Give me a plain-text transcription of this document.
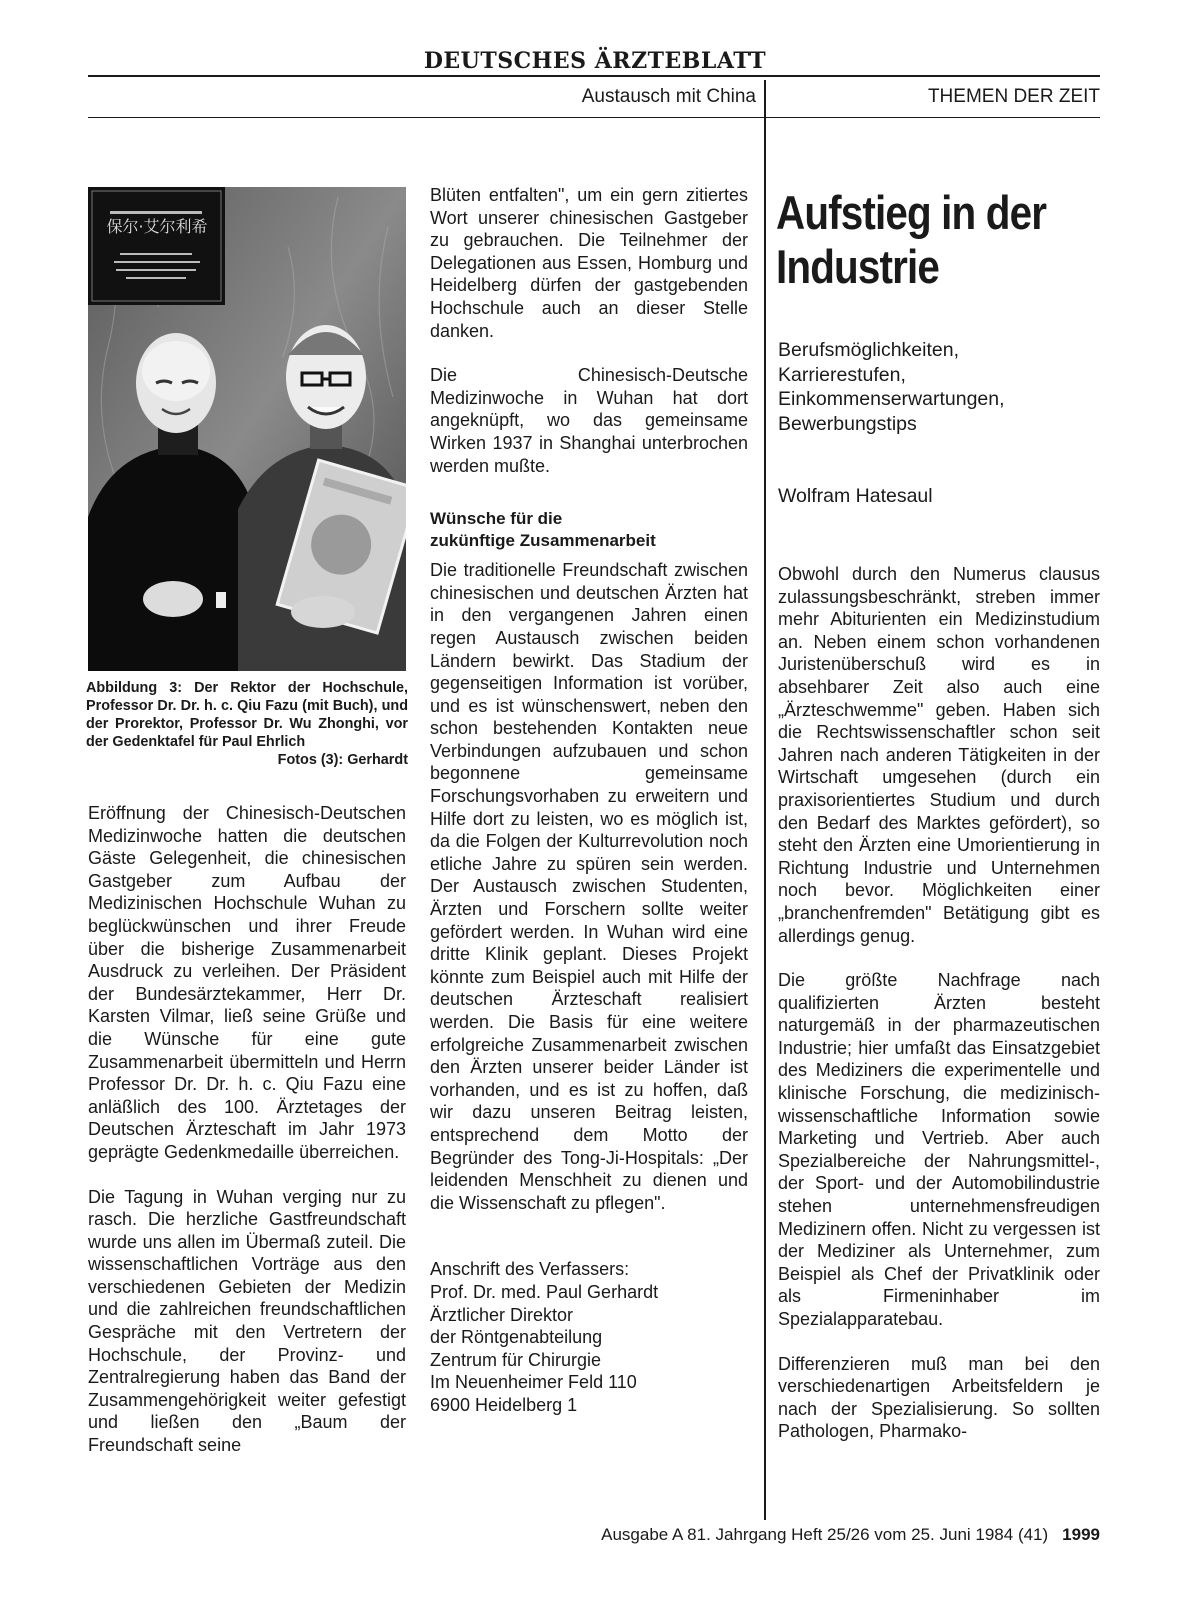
DEUTSCHES ÄRZTEBLATT
Austausch mit China	THEMEN DER ZEIT
保尔·艾尔利希
Abbildung 3: Der Rektor der Hochschule, Professor Dr. Dr. h. c. Qiu Fazu (mit Buch), und der Prorektor, Professor Dr. Wu Zhonghi, vor der Gedenktafel für Paul Ehrlich
Fotos (3): Gerhardt

Eröffnung der Chinesisch-Deutschen Medizinwoche hatten die deutschen Gäste Gelegenheit, die chinesischen Gastgeber zum Aufbau der Medizinischen Hochschule Wuhan zu beglückwünschen und ihrer Freude über die bisherige Zusammenarbeit Ausdruck zu verleihen. Der Präsident der Bundesärztekammer, Herr Dr. Karsten Vilmar, ließ seine Grüße und die Wünsche für eine gute Zusammenarbeit übermitteln und Herrn Professor Dr. Dr. h. c. Qiu Fazu eine anläßlich des 100. Ärztetages der Deutschen Ärzteschaft im Jahr 1973 geprägte Gedenkmedaille überreichen.

Die Tagung in Wuhan verging nur zu rasch. Die herzliche Gastfreundschaft wurde uns allen im Übermaß zuteil. Die wissenschaftlichen Vorträge aus den verschiedenen Gebieten der Medizin und die zahlreichen freundschaftlichen Gespräche mit den Vertretern der Hochschule, der Provinz- und Zentralregierung haben das Band der Zusammengehörigkeit weiter gefestigt und ließen den „Baum der Freundschaft seine

Blüten entfalten", um ein gern zitiertes Wort unserer chinesischen Gastgeber zu gebrauchen. Die Teilnehmer der Delegationen aus Essen, Homburg und Heidelberg dürfen der gastgebenden Hochschule auch an dieser Stelle danken.

Die Chinesisch-Deutsche Medizinwoche in Wuhan hat dort angeknüpft, wo das gemeinsame Wirken 1937 in Shanghai unterbrochen werden mußte.

Wünsche für die

zukünftige Zusammenarbeit

Die traditionelle Freundschaft zwischen chinesischen und deutschen Ärzten hat in den vergangenen Jahren einen regen Austausch zwischen beiden Ländern bewirkt. Das Stadium der gegenseitigen Information ist vorüber, und es ist wünschenswert, neben den schon bestehenden Kontakten neue Verbindungen aufzubauen und schon begonnene gemeinsame Forschungsvorhaben zu erweitern und Hilfe dort zu leisten, wo es möglich ist, da die Folgen der Kulturrevolution noch etliche Jahre zu spüren sein werden. Der Austausch zwischen Studenten, Ärzten und Forschern sollte weiter gefördert werden. In Wuhan wird eine dritte Klinik geplant. Dieses Projekt könnte zum Beispiel auch mit Hilfe der deutschen Ärzteschaft realisiert werden. Die Basis für eine weitere erfolgreiche Zusammenarbeit zwischen den Ärzten unserer beider Länder ist vorhanden, und es ist zu hoffen, daß wir dazu unseren Beitrag leisten, entsprechend dem Motto der Begründer des Tong-Ji-Hospitals: „Der leidenden Menschheit zu dienen und die Wissenschaft zu pflegen".

Anschrift des Verfassers:

Prof. Dr. med. Paul Gerhardt

Ärztlicher Direktor

der Röntgenabteilung

Zentrum für Chirurgie

Im Neuenheimer Feld 110

6900 Heidelberg 1

Aufstieg in der
Industrie
Berufsmöglichkeiten,
Karrierestufen,
Einkommenserwartungen,
Bewerbungstips
Wolfram Hatesaul

Obwohl durch den Numerus clausus zulassungsbeschränkt, streben immer mehr Abiturienten ein Medizinstudium an. Neben einem schon vorhandenen Juristenüberschuß wird es in absehbarer Zeit also auch eine „Ärzteschwemme" geben. Haben sich die Rechtswissenschaftler schon seit Jahren nach anderen Tätigkeiten in der Wirtschaft umgesehen (durch ein praxisorientiertes Studium und durch den Bedarf des Marktes gefördert), so steht den Ärzten eine Umorientierung in Richtung Industrie und Unternehmen noch bevor. Möglichkeiten einer „branchenfremden" Betätigung gibt es allerdings genug.

Die größte Nachfrage nach qualifizierten Ärzten besteht naturgemäß in der pharmazeutischen Industrie; hier umfaßt das Einsatzgebiet des Mediziners die experimentelle und klinische Forschung, die medizinisch-wissenschaftliche Information sowie Marketing und Vertrieb. Aber auch Spezialbereiche der Nahrungsmittel-, der Sport- und der Automobilindustrie stehen unternehmensfreudigen Medizinern offen. Nicht zu vergessen ist der Mediziner als Unternehmer, zum Beispiel als Chef der Privatklinik oder als Firmeninhaber im Spezialapparatebau.

Differenzieren muß man bei den verschiedenartigen Arbeitsfeldern je nach der Spezialisierung. So sollten Pathologen, Pharmako-

Ausgabe A 81. Jahrgang Heft 25/26 vom 25. Juni 1984 (41) 1999
